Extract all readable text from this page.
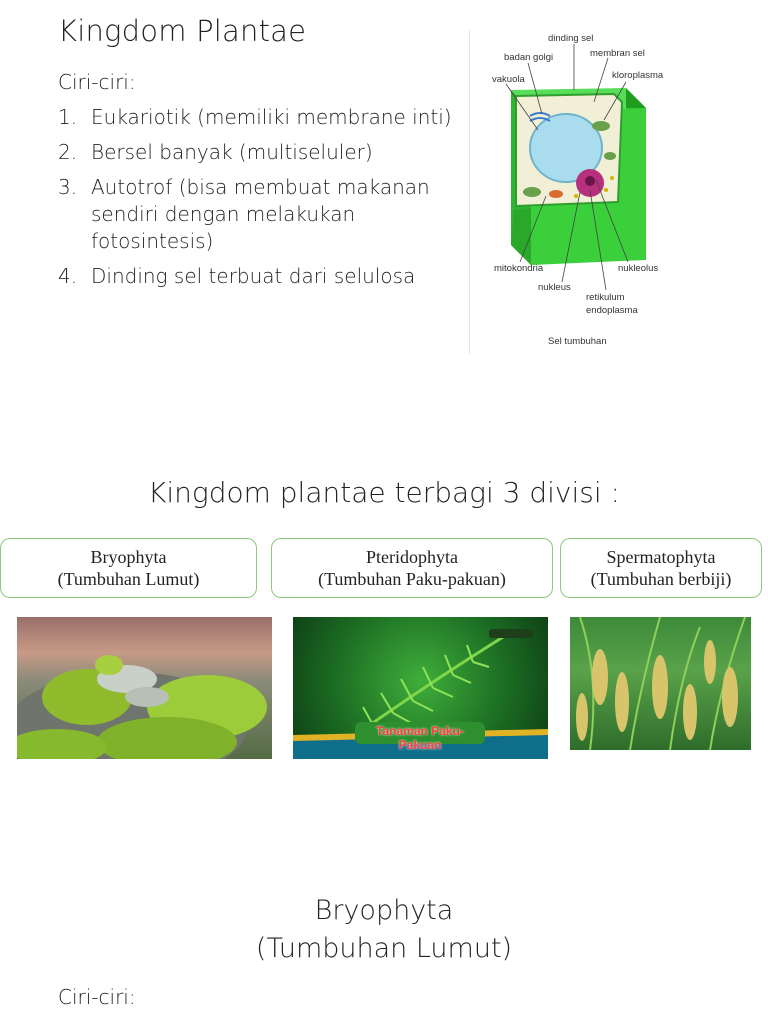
Kingdom Plantae
Ciri-ciri:
1. Eukariotik (memiliki membrane inti)
2. Bersel banyak (multiseluler)
3. Autotrof (bisa membuat makanan sendiri dengan melakukan fotosintesis)
4. Dinding sel terbuat dari selulosa
dinding sel
badan golgi	membran sel
vakuola	kloroplasma
mitokondria	nukleolus
nukleus
retikulum
endoplasma
Sel tumbuhan
Kingdom plantae terbagi 3 divisi :
Bryophyta
(Tumbuhan Lumut)
Pteridophyta
(Tumbuhan Paku-pakuan)
Spermatophyta
(Tumbuhan berbiji)
Tanaman Paku-Pakuan
Bryophyta
(Tumbuhan Lumut)
Ciri-ciri:
